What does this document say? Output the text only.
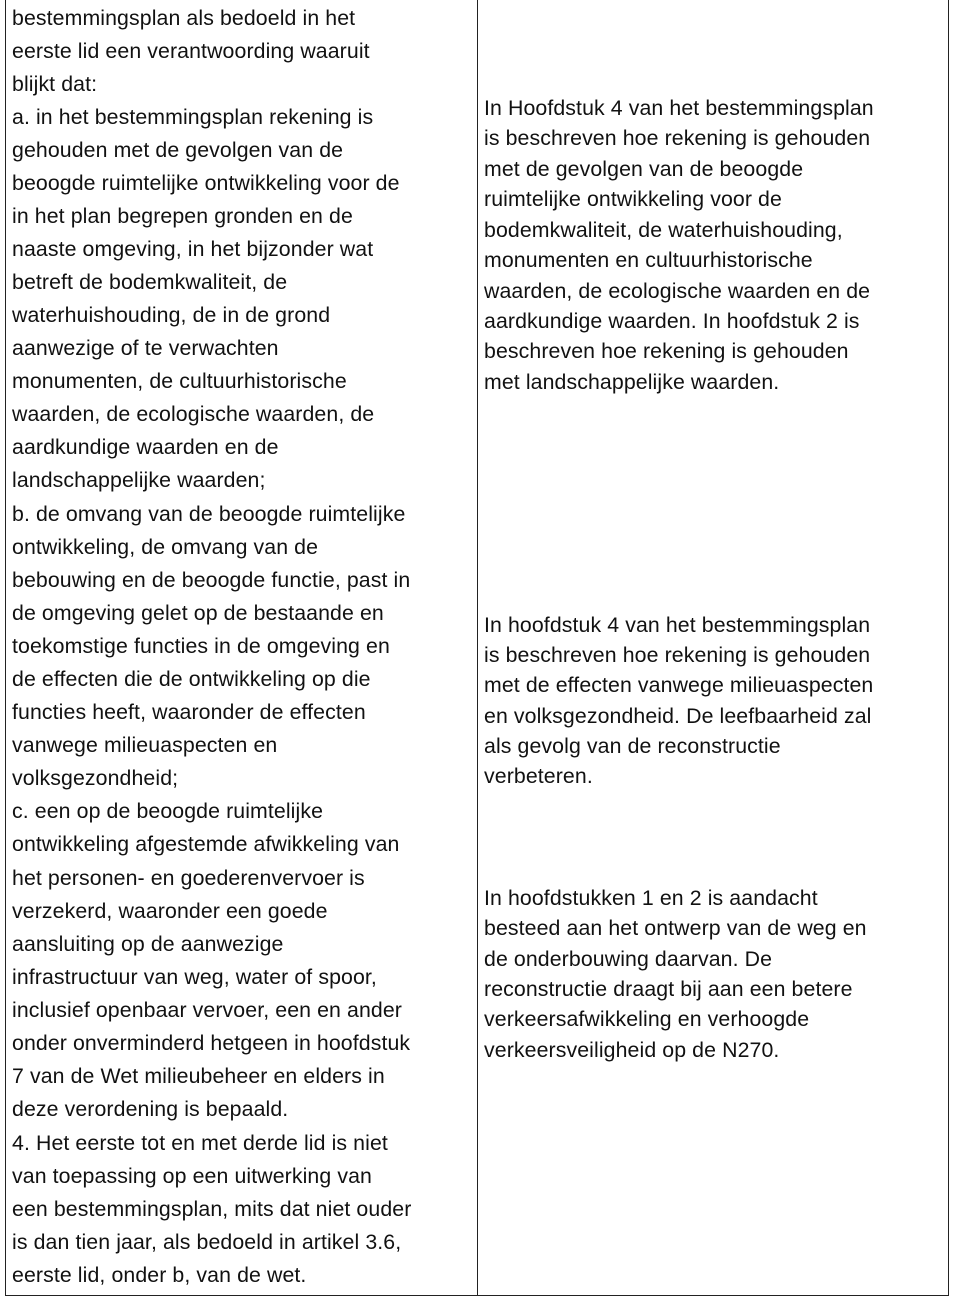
bestemmingsplan als bedoeld in het
eerste lid een verantwoording waaruit
blijkt dat:
a. in het bestemmingsplan rekening is
gehouden met de gevolgen van de
beoogde ruimtelijke ontwikkeling voor de
in het plan begrepen gronden en de
naaste omgeving, in het bijzonder wat
betreft de bodemkwaliteit, de
waterhuishouding, de in de grond
aanwezige of te verwachten
monumenten, de cultuurhistorische
waarden, de ecologische waarden, de
aardkundige waarden en de
landschappelijke waarden;
b. de omvang van de beoogde ruimtelijke
ontwikkeling, de omvang van de
bebouwing en de beoogde functie, past in
de omgeving gelet op de bestaande en
toekomstige functies in de omgeving en
de effecten die de ontwikkeling op die
functies heeft, waaronder de effecten
vanwege milieuaspecten en
volksgezondheid;
c. een op de beoogde ruimtelijke
ontwikkeling afgestemde afwikkeling van
het personen- en goederenvervoer is
verzekerd, waaronder een goede
aansluiting op de aanwezige
infrastructuur van weg, water of spoor,
inclusief openbaar vervoer, een en ander
onder onverminderd hetgeen in hoofdstuk
7 van de Wet milieubeheer en elders in
deze verordening is bepaald.
4. Het eerste tot en met derde lid is niet
van toepassing op een uitwerking van
een bestemmingsplan, mits dat niet ouder
is dan tien jaar, als bedoeld in artikel 3.6,
eerste lid, onder b, van de wet.
In Hoofdstuk 4 van het bestemmingsplan
is beschreven hoe rekening is gehouden
met de gevolgen van de beoogde
ruimtelijke ontwikkeling voor de
bodemkwaliteit, de waterhuishouding,
monumenten en cultuurhistorische
waarden, de ecologische waarden en de
aardkundige waarden. In hoofdstuk 2 is
beschreven hoe rekening is gehouden
met landschappelijke waarden.
In hoofdstuk 4 van het bestemmingsplan
is beschreven hoe rekening is gehouden
met de effecten vanwege milieuaspecten
en volksgezondheid. De leefbaarheid zal
als gevolg van de reconstructie
verbeteren.
In hoofdstukken 1 en 2 is aandacht
besteed aan het ontwerp van de weg en
de onderbouwing daarvan. De
reconstructie draagt bij aan een betere
verkeersafwikkeling en verhoogde
verkeersveiligheid op de N270.
